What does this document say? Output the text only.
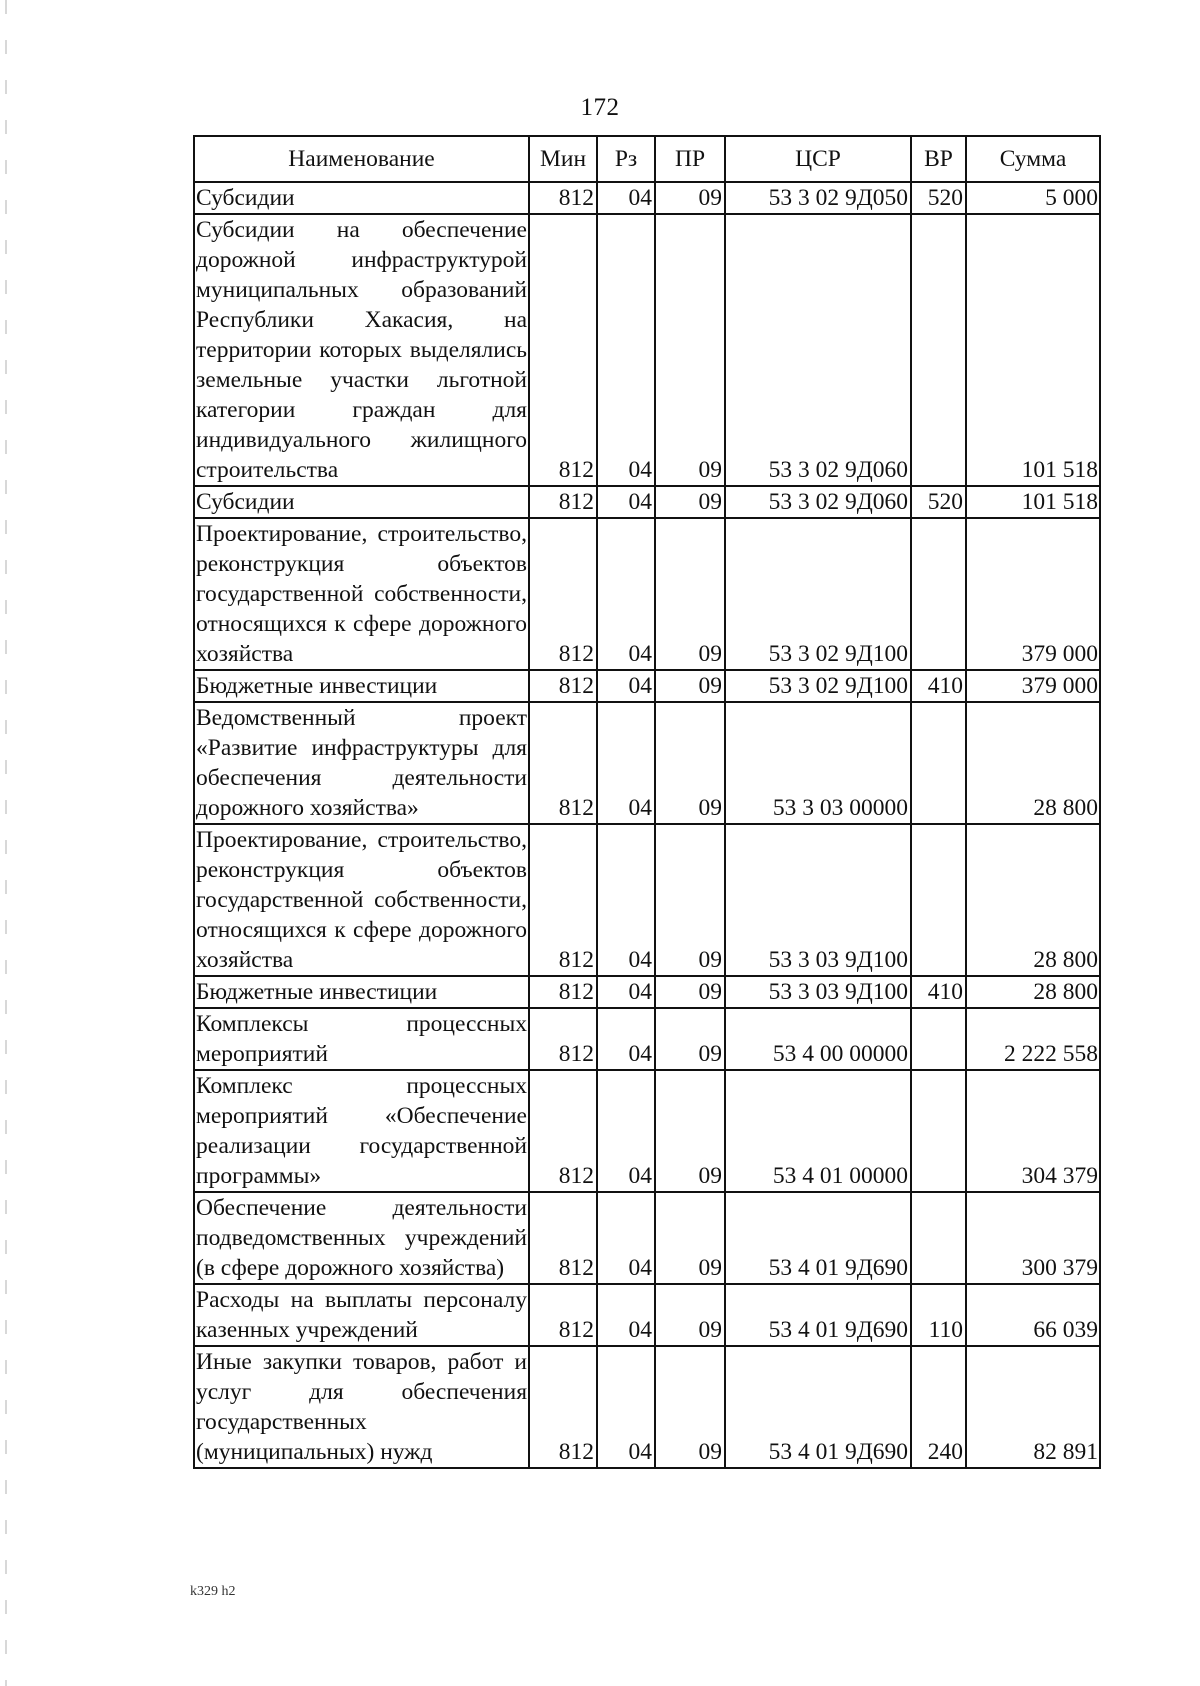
172
Наименование	Мин	Рз	ПР	ЦСР	ВР	Сумма
Субсидии	812	04	09	53 3 02 9Д050	520	5 000
Субсидии на обеспечение дорожной инфраструктурой муниципальных образований Республики Хакасия, на территории которых выделялись земельные участки льготной категории граждан для индивидуального жилищного строительства	812	04	09	53 3 02 9Д060		101 518
Субсидии	812	04	09	53 3 02 9Д060	520	101 518
Проектирование, строительство, реконструкция объектов государственной собственности, относящихся к сфере дорожного хозяйства	812	04	09	53 3 02 9Д100		379 000
Бюджетные инвестиции	812	04	09	53 3 02 9Д100	410	379 000
Ведомственный проект «Развитие инфраструктуры для обеспечения деятельности дорожного хозяйства»	812	04	09	53 3 03 00000		28 800
Проектирование, строительство, реконструкция объектов государственной собственности, относящихся к сфере дорожного хозяйства	812	04	09	53 3 03 9Д100		28 800
Бюджетные инвестиции	812	04	09	53 3 03 9Д100	410	28 800
Комплексы процессных мероприятий	812	04	09	53 4 00 00000		2 222 558
Комплекс процессных мероприятий «Обеспечение реализации государственной программы»	812	04	09	53 4 01 00000		304 379
Обеспечение деятельности подведомственных учреждений (в сфере дорожного хозяйства)	812	04	09	53 4 01 9Д690		300 379
Расходы на выплаты персоналу казенных учреждений	812	04	09	53 4 01 9Д690	110	66 039
Иные закупки товаров, работ и услуг для обеспечения государственных (муниципальных) нужд	812	04	09	53 4 01 9Д690	240	82 891
k329 h2
